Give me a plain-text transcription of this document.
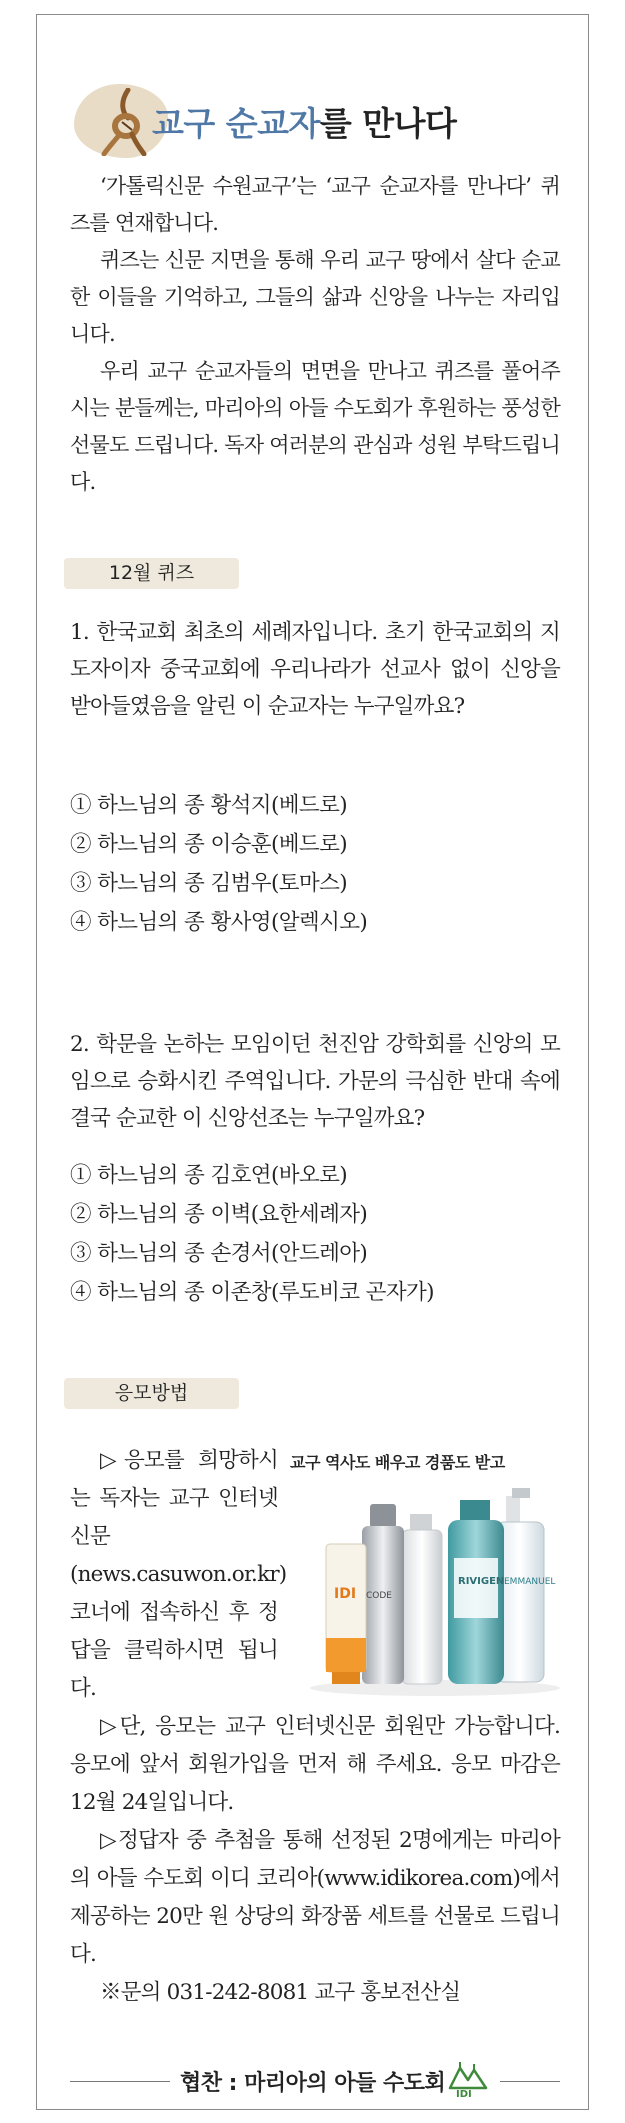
교구 순교자를 만나다

‘가톨릭신문 수원교구’는 ‘교구 순교자를 만나다’ 퀴즈를 연재합니다.

퀴즈는 신문 지면을 통해 우리 교구 땅에서 살다 순교한 이들을 기억하고, 그들의 삶과 신앙을 나누는 자리입니다.

우리 교구 순교자들의 면면을 만나고 퀴즈를 풀어주시는 분들께는, 마리아의 아들 수도회가 후원하는 풍성한 선물도 드립니다. 독자 여러분의 관심과 성원 부탁드립니다.

12월 퀴즈

1. 한국교회 최초의 세례자입니다. 초기 한국교회의 지도자이자 중국교회에 우리나라가 선교사 없이 신앙을 받아들였음을 알린 이 순교자는 누구일까요?

① 하느님의 종 황석지(베드로)
② 하느님의 종 이승훈(베드로)
③ 하느님의 종 김범우(토마스)
④ 하느님의 종 황사영(알렉시오)

2. 학문을 논하는 모임이던 천진암 강학회를 신앙의 모임으로 승화시킨 주역입니다. 가문의 극심한 반대 속에 결국 순교한 이 신앙선조는 누구일까요?

① 하느님의 종 김호연(바오로)
② 하느님의 종 이벽(요한세례자)
③ 하느님의 종 손경서(안드레아)
④ 하느님의 종 이존창(루도비코 곤자가)
응모방법
교구 역사도 배우고 경품도 받고
EMMANUEL
RIVIGEN
CODE
IDI

▷응모를 희망하시는 독자는 교구 인터넷신문(news.casuwon.or.kr) 코너에 접속하신 후 정답을 클릭하시면 됩니다.

▷단, 응모는 교구 인터넷신문 회원만 가능합니다. 응모에 앞서 회원가입을 먼저 해 주세요. 응모 마감은 12월 24일입니다.

▷정답자 중 추첨을 통해 선정된 2명에게는 마리아의 아들 수도회 이디 코리아(www.idikorea.com)에서 제공하는 20만 원 상당의 화장품 세트를 선물로 드립니다.

※문의 031-242-8081 교구 홍보전산실

협찬 : 마리아의 아들 수도회 IDI
